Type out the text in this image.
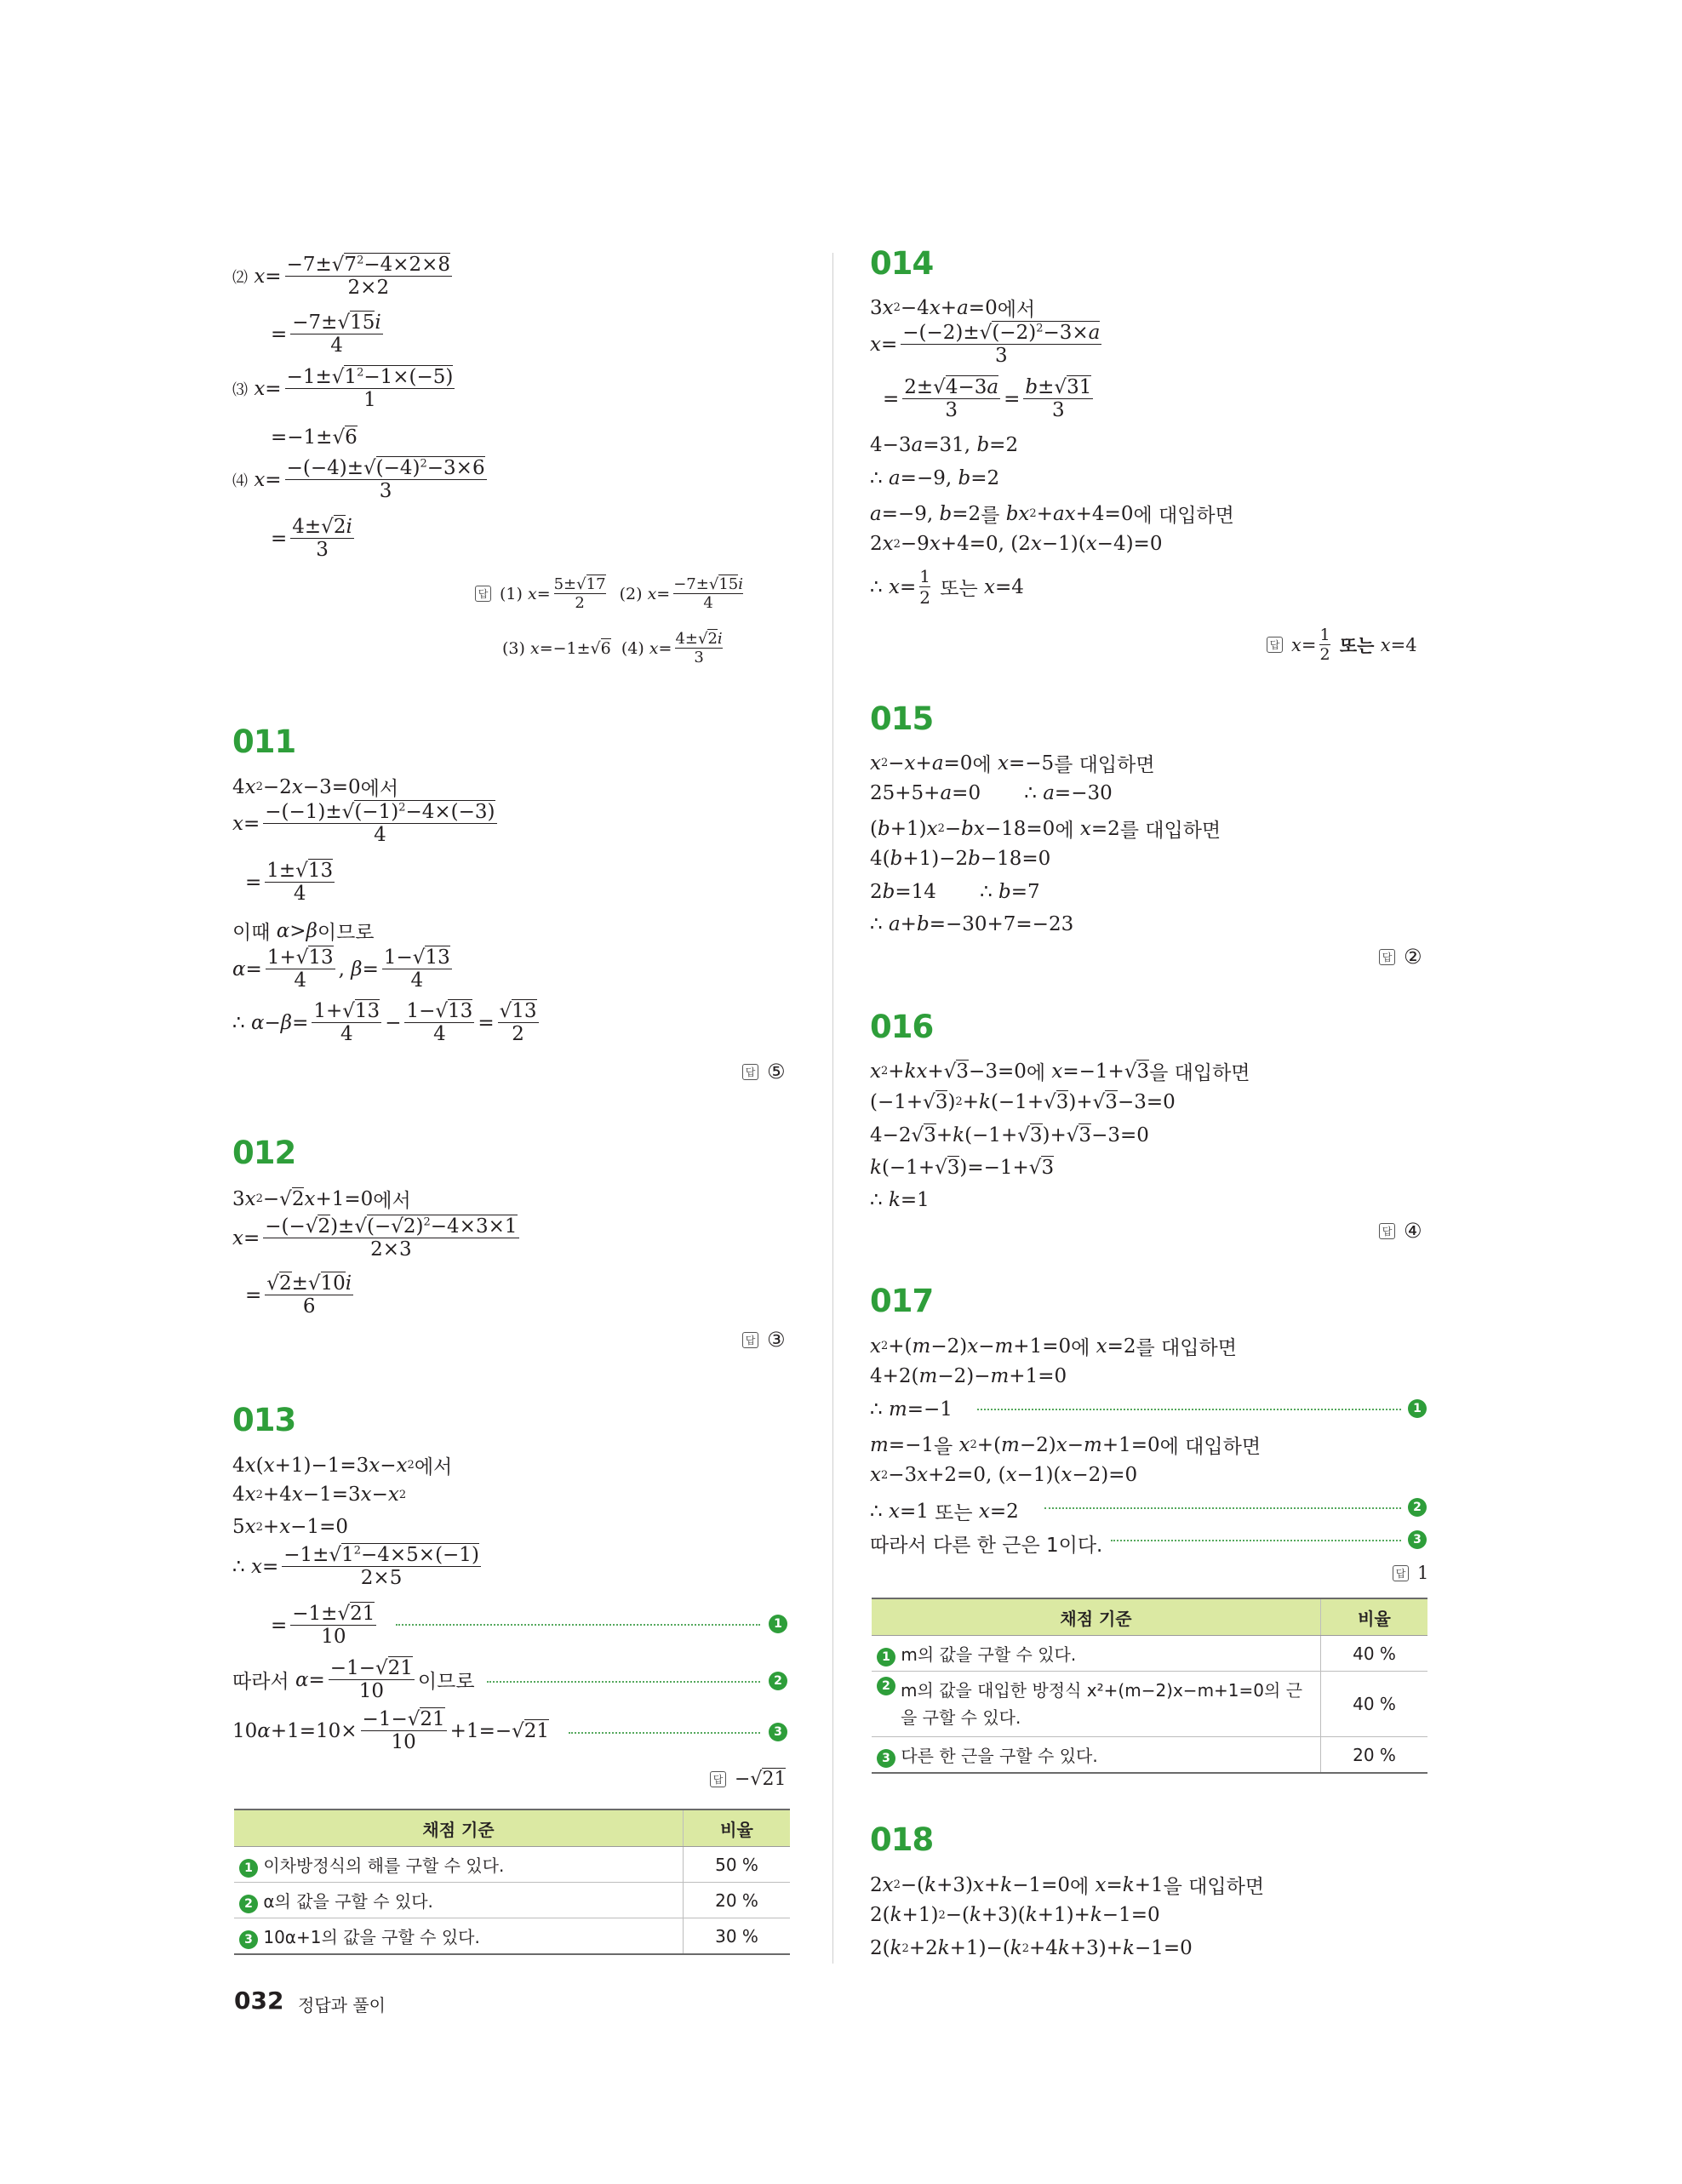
⑵
x =
$-7\pm√7^2-4\times 2\times 8$
2×2
=
−7±√15i
4
⑶
x =
$-1\pm√1^2-1\times(-5)$
1
=−1±√ 6
⑷
x =
$-(-4)\pm√(-4)^2-3\times 6$
3
=
4±√2i
3
답 (1) x = 5±√17
2 (2) x = −7±√15i
4
(3) x =−1±√ 6 (4) x = 4±√2i
3
011
4 x 2 −2 x −3=0 에서
x =
$-(-1)\pm√(-1)^2-4\times(-3)$
4
=
1±√13
4
이때 α > β 이므로
α =
1+√13
4
, β =
1−√13
4
∴ α − β =
1+√13
4
−
1−√13
4
=
√13
2
답 ⑤
012
3 x 2 −√ 2 x +1=0 에서
x =
$-(-√2)\pm√(-√2)^2-4\times 3\times 1$
2×3
=
√2±√10i
6
답 ③
013
4 x ( x +1)−1=3 x − x 2 에서
4 x 2 +4 x −1=3 x − x 2
5 x 2 + x −1=0
∴ x =
$-1\pm√1^2-4\times 5\times(-1)$
2×5
=
−1±√21
10
1
따라서 α =
−1−√21
10 이므로	2
10 α +1=10×
−1−√21
10
+1=−√ 21	3
답 −√21
채점 기준	비율
1 이차방정식의 해를 구할 수 있다.	50 %
2 α의 값을 구할 수 있다.	20 %
3 10α+1의 값을 구할 수 있다.	30 %
014
3 x 2 −4 x + a =0 에서
x =
$-(-2)\pm√(-2)^2-3\times a$
3
=
2±√4−3a
3
=
b±√31
3
4−3 a =31, b =2
∴ a =−9, b =2
a =−9, b =2 를 bx 2 + ax +4=0 에 대입하면
2 x 2 −9 x +4=0, (2 x −1)( x −4)=0
∴ x = 1
2 또는 x =4
답 x = 1
2 또는 x =4
015
x 2 − x + a =0 에 x =−5 를 대입하면
25+5+ a =0       ∴ a =−30
( b +1) x 2 − bx −18=0 에 x =2 를 대입하면
4( b +1)−2 b −18=0
2 b =14       ∴ b =7
∴ a + b =−30+7=−23
답 ②
016
x 2 + kx +√ 3 −3=0 에 x =−1+√ 3 을 대입하면
(−1+√ 3 ) 2 + k (−1+√ 3 )+√ 3 −3=0
4−2√ 3 + k (−1+√ 3 )+√ 3 −3=0
k (−1+√ 3 )=−1+√ 3
∴ k =1
답 ④
017
x 2 +( m −2) x − m +1=0 에 x =2 를 대입하면
4+2( m −2)− m +1=0
∴ m =−1	1
m =−1 을 x 2 +( m −2) x − m +1=0 에 대입하면
x 2 −3 x +2=0, ( x −1)( x −2)=0
∴ x =1 또는 x =2	2
따라서 다른 한 근은 1이다.	3
답 1
채점 기준	비율
1 m의 값을 구할 수 있다.	40 %

2 m의 값을 대입한 방정식 x²+(m−2)x−m+1=0의 근을 구할 수 있다.	40 %
3 다른 한 근을 구할 수 있다.	20 %
018
2 x 2 −( k +3) x + k −1=0 에 x = k +1 을 대입하면
2( k +1) 2 −( k +3)( k +1)+ k −1=0
2( k 2 +2 k +1)−( k 2 +4 k +3)+ k −1=0
032 정답과 풀이
